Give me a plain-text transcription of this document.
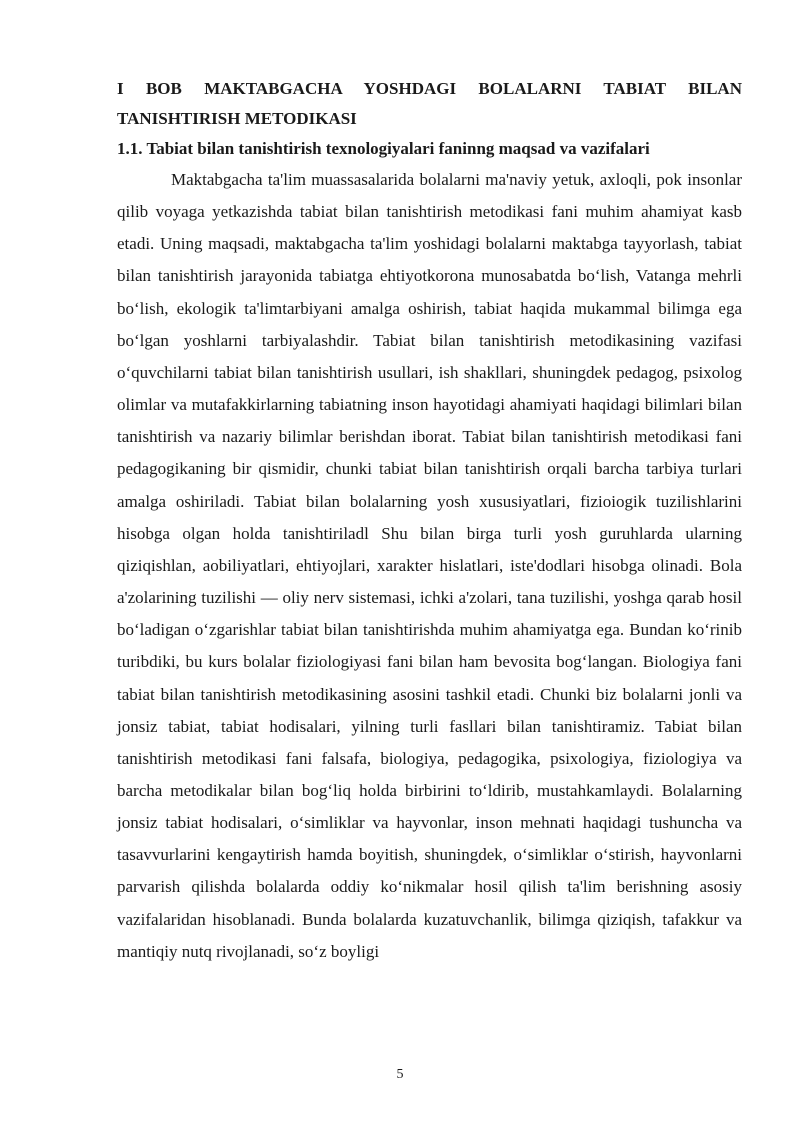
I BOB MAKTABGACHA YOSHDAGI BOLALARNI TABIAT BILAN
TANISHTIRISH METODIKASI
1.1. Tabiat bilan tanishtirish texnologiyalari faninng maqsad va vazifalari

Maktabgacha ta'lim muassasalarida bolalarni ma'naviy yetuk, axloqli, pok insonlar qilib voyaga yetkazishda tabiat bilan tanishtirish metodikasi fani muhim ahamiyat kasb etadi. Uning maqsadi, maktabgacha ta'lim yoshidagi bolalarni maktabga tayyorlash, tabiat bilan tanishtirish jarayonida tabiatga ehtiyotkorona munosabatda bo‘lish, Vatanga mehrli bo‘lish, ekologik ta'limtarbiyani amalga oshirish, tabiat haqida mukammal bilimga ega bo‘lgan yoshlarni tarbiyalashdir. Tabiat bilan tanishtirish metodikasining vazifasi o‘quvchilarni tabiat bilan tanishtirish usullari, ish shakllari, shuningdek pedagog, psixolog olimlar va mutafakkirlarning tabiatning inson hayotidagi ahamiyati haqidagi bilimlari bilan tanishtirish va nazariy bilimlar berishdan iborat. Tabiat bilan tanishtirish metodikasi fani pedagogikaning bir qismidir, chunki tabiat bilan tanishtirish orqali barcha tarbiya turlari amalga oshiriladi. Tabiat bilan bolalarning yosh xususiyatlari, fizioiogik tuzilishlarini hisobga olgan holda tanishtiriladl Shu bilan birga turli yosh guruhlarda ularning qiziqishlan, aobiliyatlari, ehtiyojlari, xarakter hislatlari, iste'dodlari hisobga olinadi. Bola a'zolarining tuzilishi — oliy nerv sistemasi, ichki a'zolari, tana tuzilishi, yoshga qarab hosil bo‘ladigan o‘zgarishlar tabiat bilan tanishtirishda muhim ahamiyatga ega. Bundan ko‘rinib turibdiki, bu kurs bolalar fiziologiyasi fani bilan ham bevosita bog‘langan. Biologiya fani tabiat bilan tanishtirish metodikasining asosini tashkil etadi. Chunki biz bolalarni jonli va jonsiz tabiat, tabiat hodisalari, yilning turli fasllari bilan tanishtiramiz. Tabiat bilan tanishtirish metodikasi fani falsafa, biologiya, pedagogika, psixologiya, fiziologiya va barcha metodikalar bilan bog‘liq holda birbirini to‘ldirib, mustahkamlaydi. Bolalarning jonsiz tabiat hodisalari, o‘simliklar va hayvonlar, inson mehnati haqidagi tushuncha va tasavvurlarini kengaytirish hamda boyitish, shuningdek, o‘simliklar o‘stirish, hayvonlarni parvarish qilishda bolalarda oddiy ko‘nikmalar hosil qilish ta'lim berishning asosiy vazifalaridan hisoblanadi. Bunda bolalarda kuzatuvchanlik, bilimga qiziqish, tafakkur va mantiqiy nutq rivojlanadi, so‘z boyligi

5
